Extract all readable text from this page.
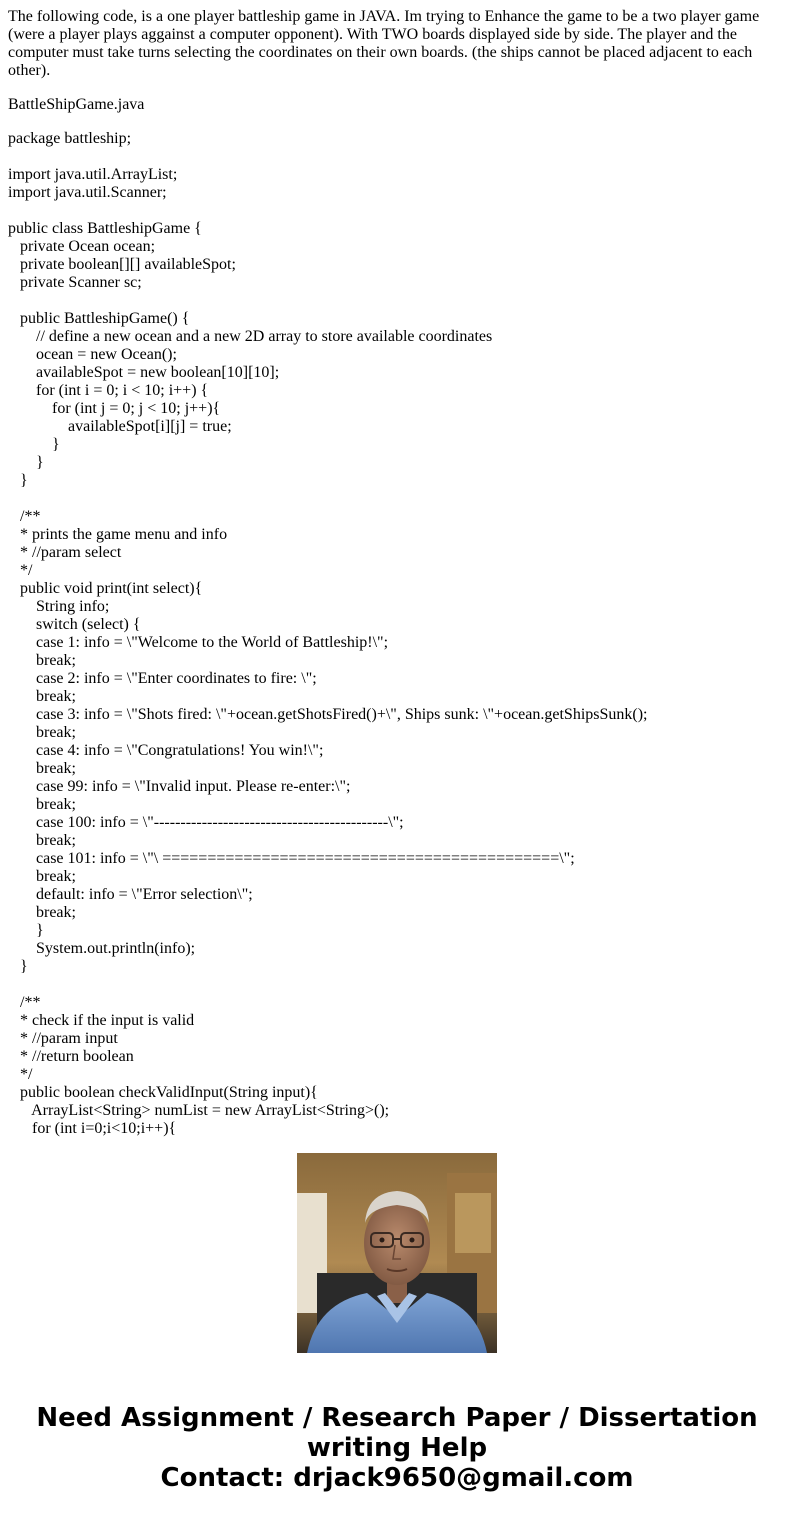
The following code, is a one player battleship game in JAVA. Im trying to Enhance the game to be a two player game (were a player plays aggainst a computer opponent). With TWO boards displayed side by side. The player and the computer must take turns selecting the coordinates on their own boards. (the ships cannot be placed adjacent to each other).

BattleShipGame.java

package battleship;

import java.util.ArrayList;
import java.util.Scanner;

public class BattleshipGame {
private Ocean ocean;
private boolean[][] availableSpot;
private Scanner sc;

public BattleshipGame() {
// define a new ocean and a new 2D array to store available coordinates
ocean = new Ocean();
availableSpot = new boolean[10][10];
for (int i = 0; i < 10; i++) {
for (int j = 0; j < 10; j++){
availableSpot[i][j] = true;
}
}
}

/**
* prints the game menu and info
* //param select
*/
public void print(int select){
String info;
switch (select) {
case 1: info = \"Welcome to the World of Battleship!\";
break;
case 2: info = \"Enter coordinates to fire: \";
break;
case 3: info = \"Shots fired: \"+ocean.getShotsFired()+\", Ships sunk: \"+ocean.getShipsSunk();
break;
case 4: info = \"Congratulations! You win!\";
break;
case 99: info = \"Invalid input. Please re-enter:\";
break;
case 100: info = \"--------------------------------------------\";
break;
case 101: info = \"\ ============================================\";
break;
default: info = \"Error selection\";
break;
}
System.out.println(info);
}

/**
* check if the input is valid
* //param input
* //return boolean
*/
public boolean checkValidInput(String input){
ArrayList<String> numList = new ArrayList<String>();
for (int i=0;i<10;i++){
Need Assignment / Research Paper / Dissertation
writing Help
Contact: drjack9650@gmail.com
